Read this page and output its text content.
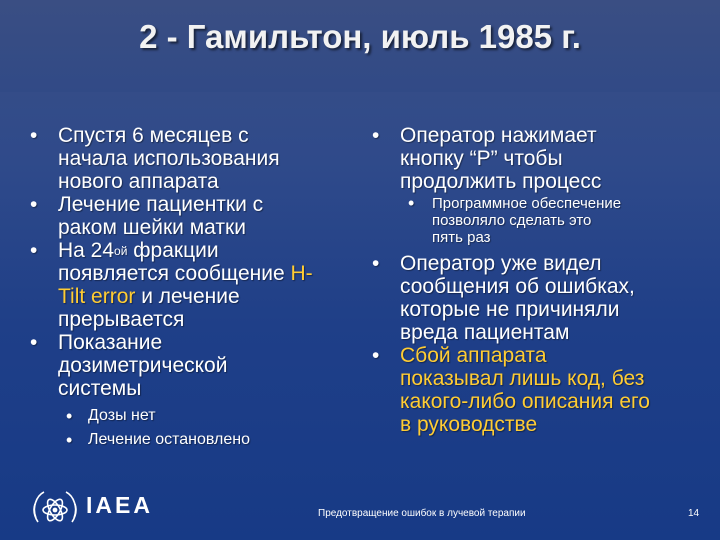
2 - Гамильтон, июль 1985 г.
• Спустя 6 месяцев с
начала использования
нового аппарата
• Лечение пациентки с
раком шейки матки
• На $24^{ой}$ фракции
появляется сообщение H-
Tilt error и лечение
прерывается
• Показание
дозиметрической
системы
• Дозы нет
• Лечение остановлено
• Оператор нажимает
кнопку “P” чтобы
продолжить процесс
• Программное обеспечение
позволяло сделать это
пять раз
• Оператор уже видел
сообщения об ошибках,
которые не причиняли
вреда пациентам
• Сбой аппарата
показывал лишь код, без
какого-либо описания его
в руководстве
IAEA	Предотвращение ошибок в лучевой терапии	14
